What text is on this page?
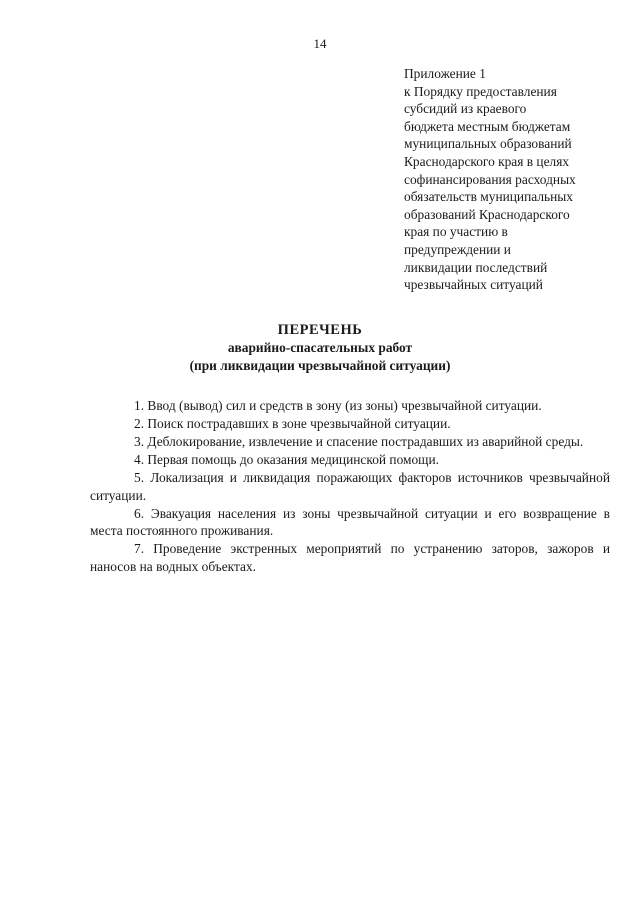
14
Приложение 1
к Порядку предоставления
субсидий из краевого
бюджета местным бюджетам
муниципальных образований
Краснодарского края в целях
софинансирования расходных
обязательств муниципальных
образований Краснодарского
края по участию в
предупреждении и
ликвидации последствий
чрезвычайных ситуаций
ПЕРЕЧЕНЬ
аварийно-спасательных работ
(при ликвидации чрезвычайной ситуации)
1. Ввод (вывод) сил и средств в зону (из зоны) чрезвычайной ситуации.
2. Поиск пострадавших в зоне чрезвычайной ситуации.
3. Деблокирование, извлечение и спасение пострадавших из аварийной среды.
4. Первая помощь до оказания медицинской помощи.
5. Локализация и ликвидация поражающих факторов источников чрезвычайной ситуации.
6. Эвакуация населения из зоны чрезвычайной ситуации и его возвращение в места постоянного проживания.
7. Проведение экстренных мероприятий по устранению заторов, зажоров и наносов на водных объектах.
